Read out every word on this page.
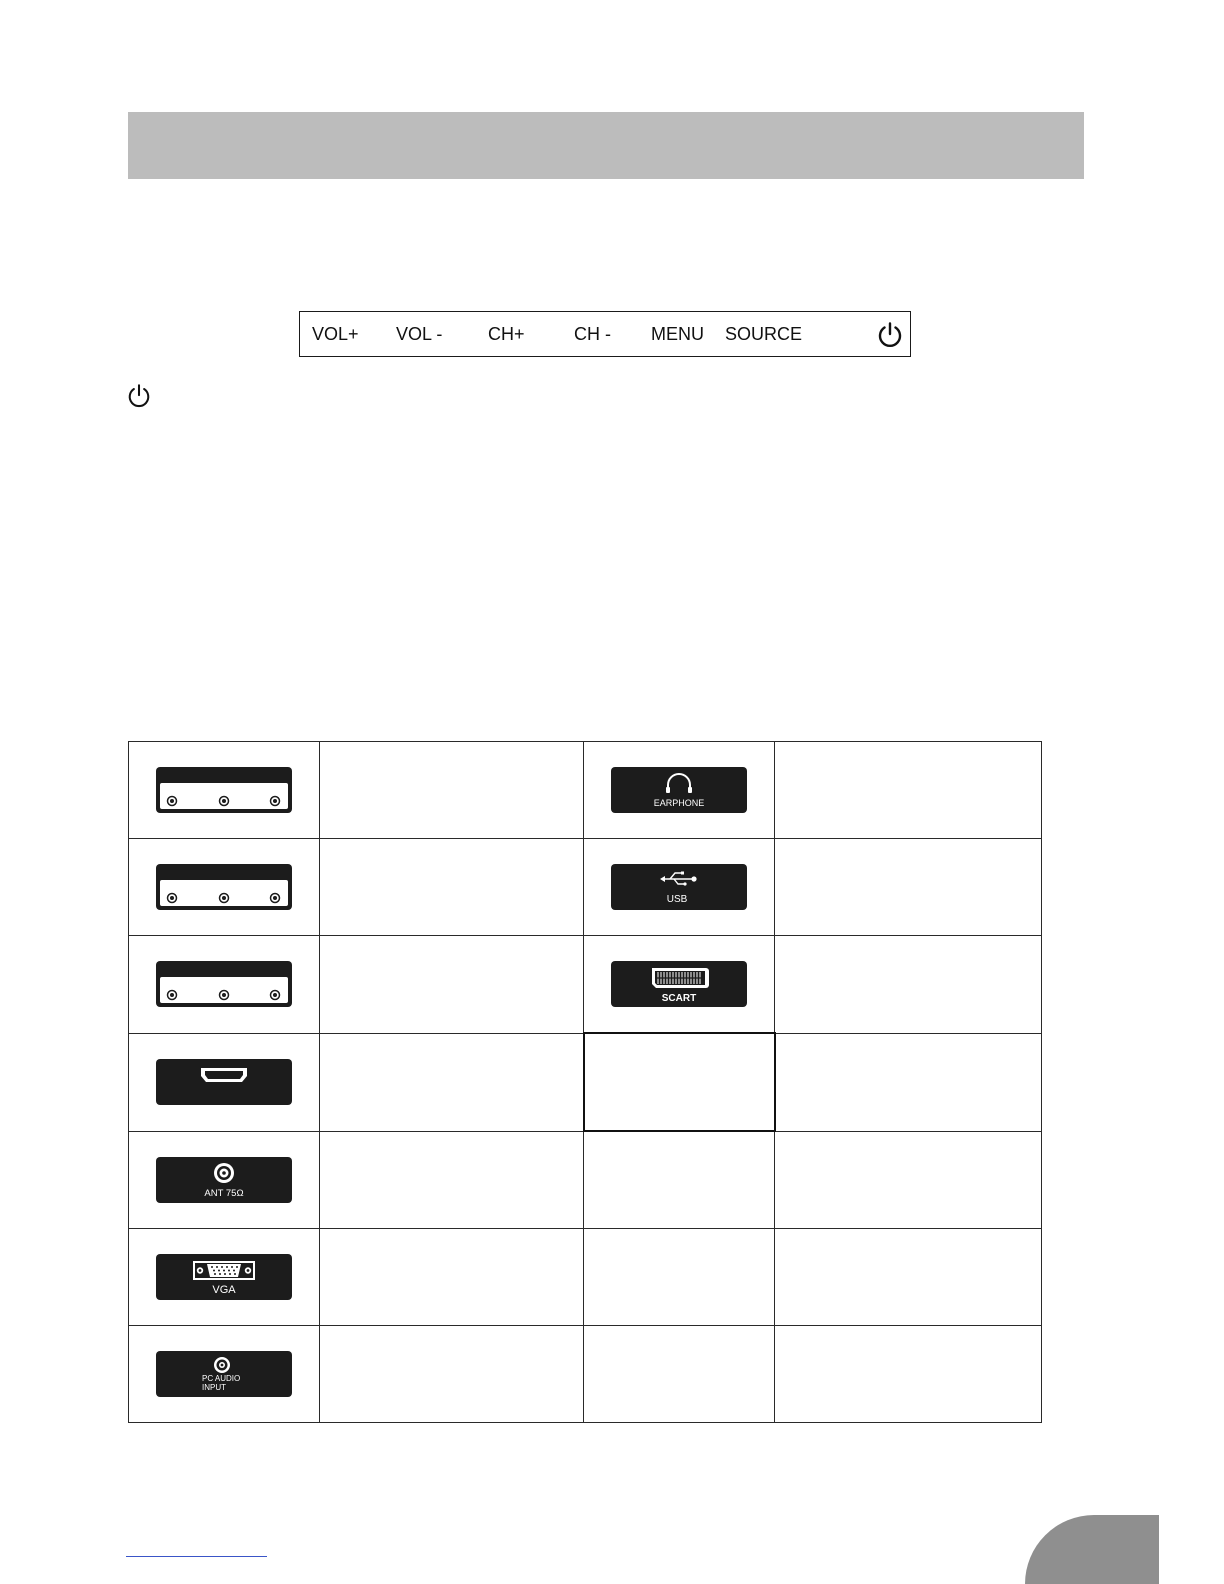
VOL+ VOL -	CH+	CH - MENU SOURCE

EARPHONE	

USB	

SCART	

ANT 75Ω			

VGA			

PC AUDIO
INPUT			
